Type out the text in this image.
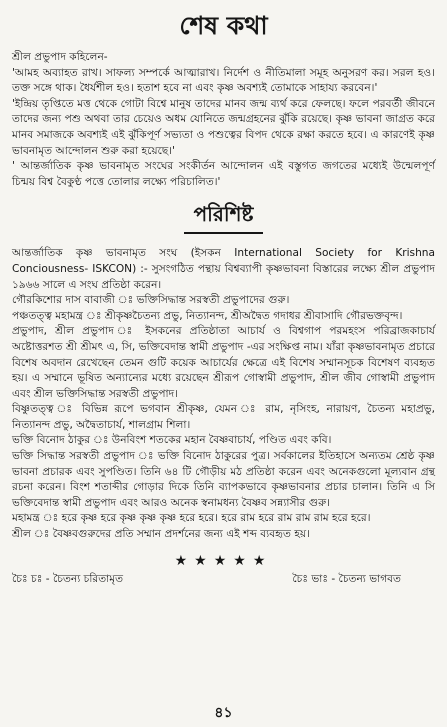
শেষ কথা

শ্রীল প্রভুপাদ কহিলেন-

'আমহ অব্যাহত রাখ। সাফল্য সম্পর্কে আত্মারাখ। নির্দেশ ও নীতিমালা সমূহ অনুসরণ কর। সরল হও। তক্ত সঙ্গে থাক। ধৈর্যশীল হও। হতাশ হবে না এবং কৃষ্ণ অবশ্যই তোমাকে সাহায্য করবেন।'

'ইন্দ্রিয় তৃপ্তিতে মত্ত থেকে গোটা বিশ্বে মানুষ তাদের মানব জন্ম ব্যর্থ করে ফেলছে। ফলে পরবর্তী জীবনে তাদের জন্য পশু অথবা তার চেয়েও অধম যোনিতে জন্মগ্রহনের ঝুঁকি রয়েছে। কৃষ্ণ ভাবনা জাগ্রত করে মানব সমাজকে অবশ্যই এই ঝুঁকিপূর্ণ সভ্যতা ও পশুত্বের বিপদ থেকে রক্ষা করতে হবে। এ কারণেই কৃষ্ণ ভাবনামৃত আন্দোলন শুরু করা হয়েছে।'

' আন্তর্জাতিক কৃষ্ণ ভাবনামৃত সংঘের সংকীর্তন আন্দোলন এই বস্তুগত জগতের মধ্যেই উন্মেলপূর্ণ চিন্ময় বিশ্ব বৈকুণ্ঠ পত্তে তোলার লক্ষ্যে পরিচালিত।'

পরিশিষ্ট

আন্তর্জাতিক কৃষ্ণ ভাবনামৃত সংঘ (ইসকন International Society for Krishna Conciousness- ISKCON) :- সুসংগঠিত পন্থায় বিশ্বব্যাপী কৃষ্ণভাবনা বিস্তারের লক্ষ্যে শ্রীল প্রভুপাদ ১৯৬৬ সালে এ সংঘ প্রতিষ্ঠা করেন।

গৌরকিশোর দাস বাবাজী ঃ ভক্তিসিদ্ধান্ত সরস্বতী প্রভুপাদের গুরু।

পঞ্চতত্ত্ব মহামন্ত্র ঃ শ্রীকৃষ্ণচৈতন্য প্রভু, নিত্যানন্দ, শ্রীঅদ্বৈত গদাধর শ্রীবাসাদি গৌরভক্তবৃন্দ।

প্রভুপাদ, শ্রীল প্রভুপাদ ঃ ইসকনের প্রতিষ্ঠাতা আচার্য ও বিশ্বগাপ পরমহংস পরিব্রাজকাচার্য অষ্টোত্তরশত শ্রী শ্রীমৎ এ, সি, ভক্তিবেদান্ত স্বামী প্রভুপাদ -এর সংক্ষিপ্ত নাম। যাঁরা কৃষ্ণভাবনামৃত প্রচারে বিশেষ অবদান রেখেছেন তেমন গুটি কয়েক আচার্যের ক্ষেত্রে এই বিশেষ সম্মানসূচক বিশেষণ ব্যবহৃত হয়। এ সম্মানে ভূষিত অন্যান্যের মধ্যে রয়েছেন শ্রীরূপ গোস্বামী প্রভুপাদ, শ্রীল জীব গোস্বামী প্রভুপাদ এবং শ্রীল ভক্তিসিদ্ধান্ত সরস্বতী প্রভুপাদ।

বিষ্ণুতত্ত্ব ঃ বিভিন্ন রূপে ভগবান শ্রীকৃষ্ণ, যেমন ঃ রাম, নৃসিংহ, নারায়ণ, চৈতন্য মহাপ্রভু, নিত্যানন্দ প্রভু, অদ্বৈতাচার্য, শালগ্রাম শিলা।

ভক্তি বিনোদ ঠাকুর ঃ উনবিংশ শতকের মহান বৈষ্ণবাচার্য, পণ্ডিত এবং কবি।

ভক্তি সিদ্ধান্ত সরস্বতী প্রভুপাদ ঃ ভক্তি বিনোদ ঠাকুরের পুত্র। সর্বকালের ইতিহাসে অন্যতম শ্রেষ্ঠ কৃষ্ণ ভাবনা প্রচারক এবং সুপণ্ডিত। তিনি ৬৪ টি গৌড়ীয় মঠ প্রতিষ্ঠা করেন এবং অনেকগুলো মূল্যবান গ্রন্থ রচনা করেন। বিংশ শতাব্দীর গোড়ার দিকে তিনি ব্যাপকভাবে কৃষ্ণভাবনার প্রচার চালান। তিনি এ সি ভক্তিবেদান্ত স্বামী প্রভুপাদ এবং আরও অনেক স্বনামধন্য বৈষ্ণব সন্ন্যাসীর গুরু।

মহামন্ত্র ঃ হরে কৃষ্ণ হরে কৃষ্ণ কৃষ্ণ কৃষ্ণ হরে হরে। হরে রাম হরে রাম রাম রাম হরে হরে।

শ্রীল ঃ বৈষ্ণবগুরুদের প্রতি সম্মান প্রদর্শনের জন্য এই শব্দ ব্যবহৃত হয়।

★★★★★
চৈঃ চঃ - চৈতন্য চরিতামৃত	চৈঃ ভাঃ - চৈতন্য ভাগবত
৪১
